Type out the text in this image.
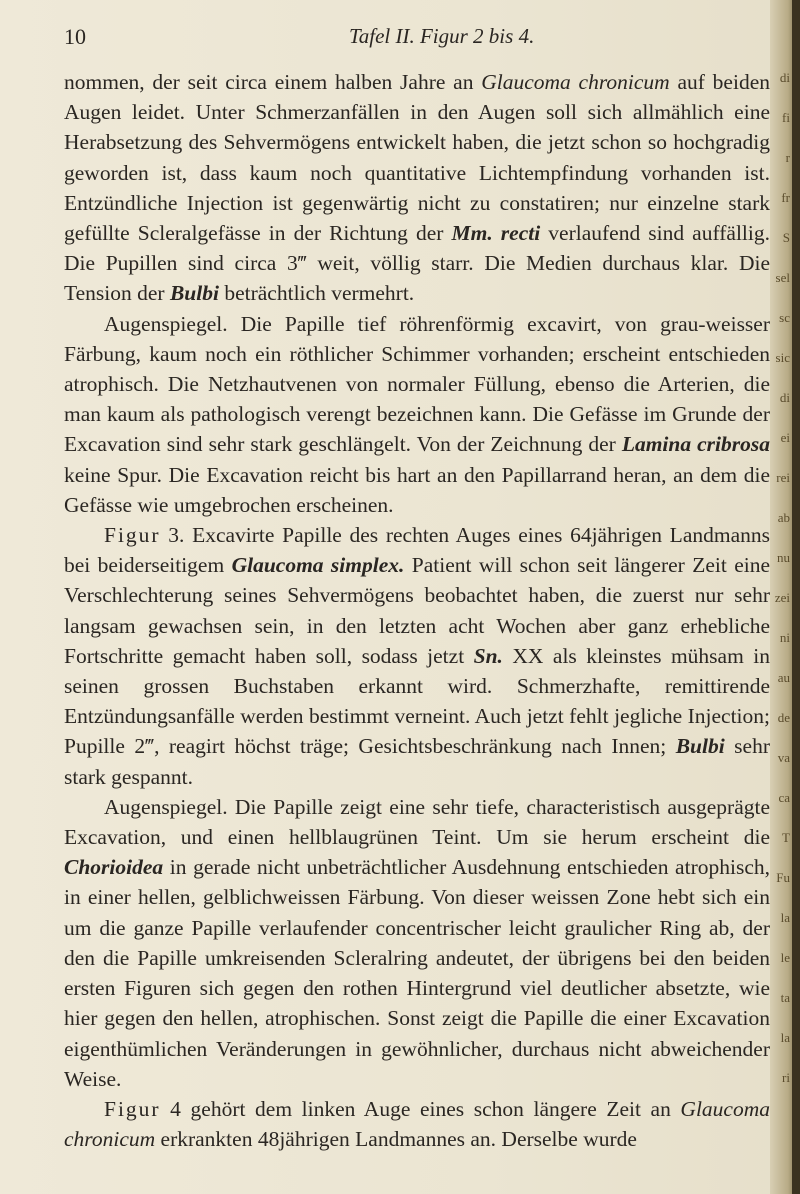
10	Tafel II. Figur 2 bis 4.

nommen, der seit circa einem halben Jahre an Glaucoma chronicum auf beiden Augen leidet. Unter Schmerzanfällen in den Augen soll sich allmählich eine Herabsetzung des Sehvermögens entwickelt haben, die jetzt schon so hochgradig geworden ist, dass kaum noch quantitative Lichtempfindung vorhanden ist. Entzündliche Injection ist gegenwärtig nicht zu constatiren; nur einzelne stark gefüllte Scleralgefässe in der Richtung der Mm. recti verlaufend sind auffällig. Die Pupillen sind circa 3‴ weit, völlig starr. Die Medien durchaus klar. Die Tension der Bulbi beträchtlich vermehrt.

Augenspiegel. Die Papille tief röhrenförmig excavirt, von grau-weisser Färbung, kaum noch ein röthlicher Schimmer vorhanden; erscheint entschieden atrophisch. Die Netzhautvenen von normaler Füllung, ebenso die Arterien, die man kaum als pathologisch verengt bezeichnen kann. Die Gefässe im Grunde der Excavation sind sehr stark geschlängelt. Von der Zeichnung der Lamina cribrosa keine Spur. Die Excavation reicht bis hart an den Papillarrand heran, an dem die Gefässe wie umgebrochen erscheinen.

Figur 3. Excavirte Papille des rechten Auges eines 64jährigen Landmanns bei beiderseitigem Glaucoma simplex. Patient will schon seit längerer Zeit eine Verschlechterung seines Sehvermögens beobachtet haben, die zuerst nur sehr langsam gewachsen sein, in den letzten acht Wochen aber ganz erhebliche Fortschritte gemacht haben soll, sodass jetzt Sn. XX als kleinstes mühsam in seinen grossen Buchstaben erkannt wird. Schmerzhafte, remittirende Entzündungsanfälle werden bestimmt verneint. Auch jetzt fehlt jegliche Injection; Pupille 2‴, reagirt höchst träge; Gesichtsbeschränkung nach Innen; Bulbi sehr stark gespannt.

Augenspiegel. Die Papille zeigt eine sehr tiefe, characteristisch ausgeprägte Excavation, und einen hellblaugrünen Teint. Um sie herum erscheint die Chorioidea in gerade nicht unbeträchtlicher Ausdehnung entschieden atrophisch, in einer hellen, gelblichweissen Färbung. Von dieser weissen Zone hebt sich ein um die ganze Papille verlaufender concentrischer leicht graulicher Ring ab, der den die Papille umkreisenden Scleralring andeutet, der übrigens bei den beiden ersten Figuren sich gegen den rothen Hintergrund viel deutlicher absetzte, wie hier gegen den hellen, atrophischen. Sonst zeigt die Papille die einer Excavation eigenthümlichen Veränderungen in gewöhnlicher, durchaus nicht abweichender Weise.

Figur 4 gehört dem linken Auge eines schon längere Zeit an Glaucoma chronicum erkrankten 48jährigen Landmannes an. Derselbe wurde

di
fi
r
fr
S
sel
sc
sic
di
ei
rei
ab
nu
zei
ni
au
de
va
ca
T
Fu
la
le
ta
la
ri
